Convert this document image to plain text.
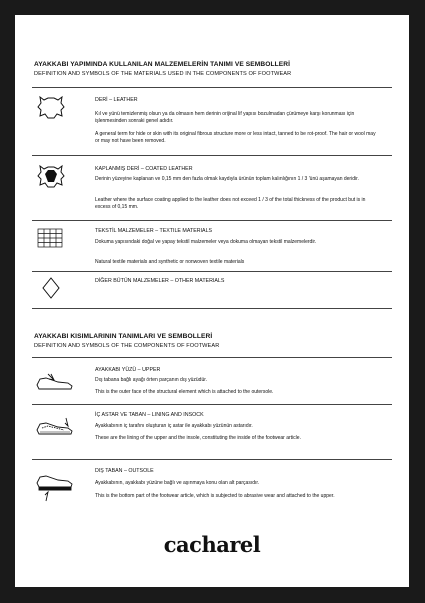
AYAKKABI YAPIMINDA KULLANILAN MALZEMELERİN TANIMI VE SEMBOLLERİ
DEFINITION AND SYMBOLS OF THE MATERIALS USED IN THE COMPONENTS OF FOOTWEAR
DERİ – LEATHER

Kıl ve yünü temizlenmiş olsun ya da olmasın hem derinin orijinal lif yapısı bozulmadan çürümeye karşı korunması için işlenmesinden sonraki genel adıdır.

A general term for hide or skin with its original fibrous structure more or less intact, tanned to be rot-proof. The hair or wool may or may not have been removed.

KAPLANMIŞ DERİ – COATED LEATHER

Derinin yüzeyine kaplanan ve 0,15 mm den fazla olmak kaydıyla ürünün toplam kalınlığının 1 / 3 'ünü aşamayan deridir.

Leather where the surface coating applied to the leather does not exceed 1 / 3 of the total thickness of the product but is in excess of 0,15 mm.

TEKSTİL MALZEMELER – TEXTILE MATERIALS

Dokuma yapısındaki doğal ve yapay tekstil malzemeler veya dokuma olmayan tekstil malzemelerdir.

Natural textile materials and synthetic or nonwoven textile materials

DİĞER BÜTÜN MALZEMELER – OTHER MATERIALS
AYAKKABI KISIMLARININ TANIMLARI VE SEMBOLLERİ
DEFINITION AND SYMBOLS OF THE COMPONENTS OF FOOTWEAR
AYAKKABI YÜZÜ – UPPER

Dış tabana bağlı ayağı örten parçanın dış yüzüdür.

This is the outer face of the structural element which is attached to the outersole.

İÇ ASTAR VE TABAN – LINING AND INSOCK

Ayakkabının iç tarafını oluşturan iç astar ile ayakkabı yüzünün astarıdır.

These are the lining of the upper and the insole, constituting the inside of the footwear article.

DIŞ TABAN – OUTSOLE

Ayakkabının, ayakkabı yüzüne bağlı ve aşınmaya konu olan alt parçasıdır.

This is the bottom part of the footwear article, which is subjected to abrasive wear and attached to the upper.

cacharel
